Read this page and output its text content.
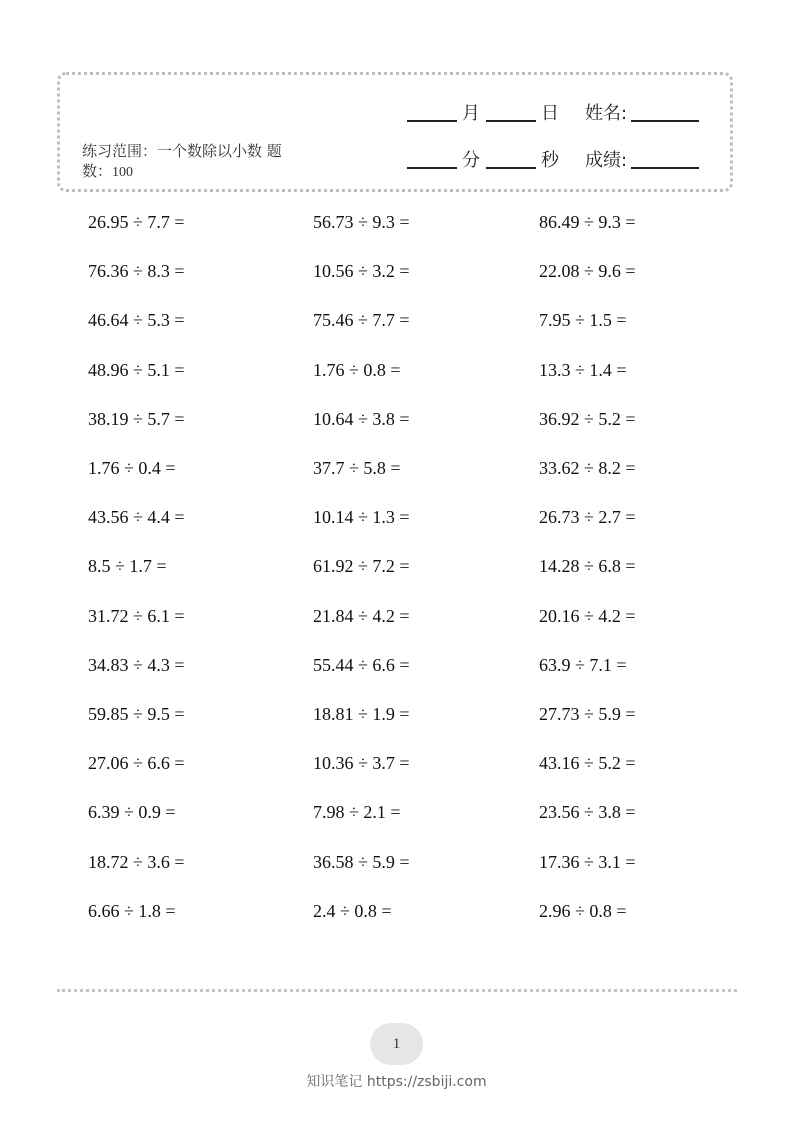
练习范围：一个数除以小数 题
数：100
月	日 姓名:
分	秒 成绩:
26.95 ÷ 7.7 =	56.73 ÷ 9.3 =	86.49 ÷ 9.3 =
76.36 ÷ 8.3 =	10.56 ÷ 3.2 =	22.08 ÷ 9.6 =
46.64 ÷ 5.3 =	75.46 ÷ 7.7 =	7.95 ÷ 1.5 =
48.96 ÷ 5.1 =	1.76 ÷ 0.8 =	13.3 ÷ 1.4 =
38.19 ÷ 5.7 =	10.64 ÷ 3.8 =	36.92 ÷ 5.2 =
1.76 ÷ 0.4 =	37.7 ÷ 5.8 =	33.62 ÷ 8.2 =
43.56 ÷ 4.4 =	10.14 ÷ 1.3 =	26.73 ÷ 2.7 =
8.5 ÷ 1.7 =	61.92 ÷ 7.2 =	14.28 ÷ 6.8 =
31.72 ÷ 6.1 =	21.84 ÷ 4.2 =	20.16 ÷ 4.2 =
34.83 ÷ 4.3 =	55.44 ÷ 6.6 =	63.9 ÷ 7.1 =
59.85 ÷ 9.5 =	18.81 ÷ 1.9 =	27.73 ÷ 5.9 =
27.06 ÷ 6.6 =	10.36 ÷ 3.7 =	43.16 ÷ 5.2 =
6.39 ÷ 0.9 =	7.98 ÷ 2.1 =	23.56 ÷ 3.8 =
18.72 ÷ 3.6 =	36.58 ÷ 5.9 =	17.36 ÷ 3.1 =
6.66 ÷ 1.8 =	2.4 ÷ 0.8 =	2.96 ÷ 0.8 =
1
知识笔记 https://zsbiji.com
